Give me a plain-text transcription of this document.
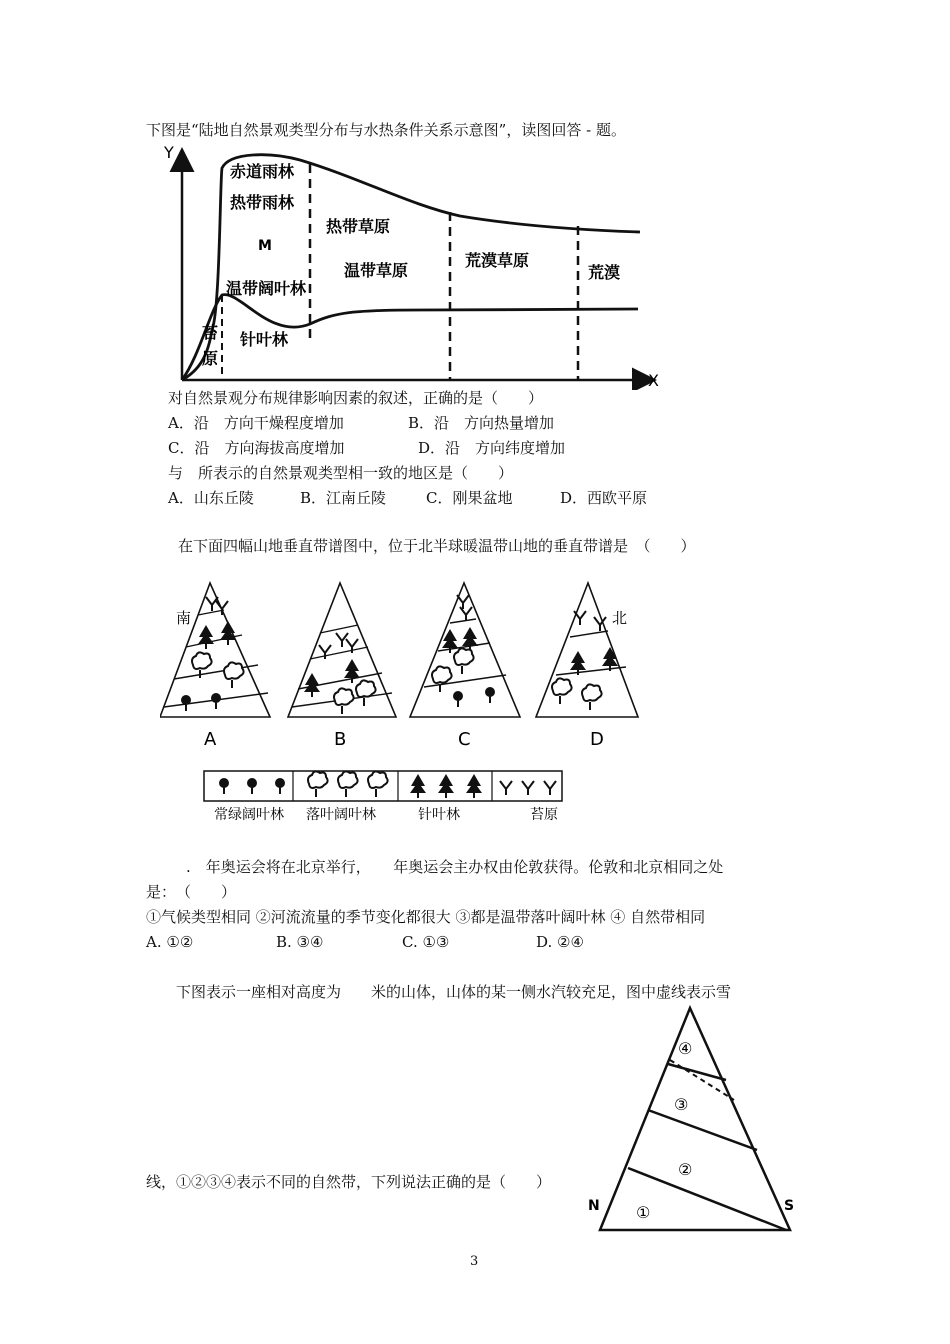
下图是“陆地自然景观类型分布与水热条件关系示意图”，读图回答 - 题。
Y
X
赤道雨林
热带雨林
M
温带阔叶林
苔
原
针叶林
热带草原
温带草原
荒漠草原
荒漠
对自然景观分布规律影响因素的叙述，正确的是（　　）
A．沿　方向干燥程度增加	B．沿　方向热量增加
C．沿　方向海拔高度增加	D．沿　方向纬度增加
与　所表示的自然景观类型相一致的地区是（　　）
A．山东丘陵	B．江南丘陵	C．刚果盆地	D．西欧平原
在下面四幅山地垂直带谱图中，位于北半球暖温带山地的垂直带谱是　（　　）
南
A	B	C
北
D
常绿阔叶林 落叶阔叶林	针叶林	苔原
.　年奥运会将在北京举行，　　年奥运会主办权由伦敦获得。伦敦和北京相同之处
是：　（　　）
①气候类型相同 ②河流流量的季节变化都很大 ③都是温带落叶阔叶林 ④ 自然带相同
A. ①②	B. ③④	C. ①③	D. ②④
下图表示一座相对高度为　　米的山体，山体的某一侧水汽较充足，图中虚线表示雪
④
③
②
①
N	S
线，①②③④表示不同的自然带，下列说法正确的是（　　）
3
